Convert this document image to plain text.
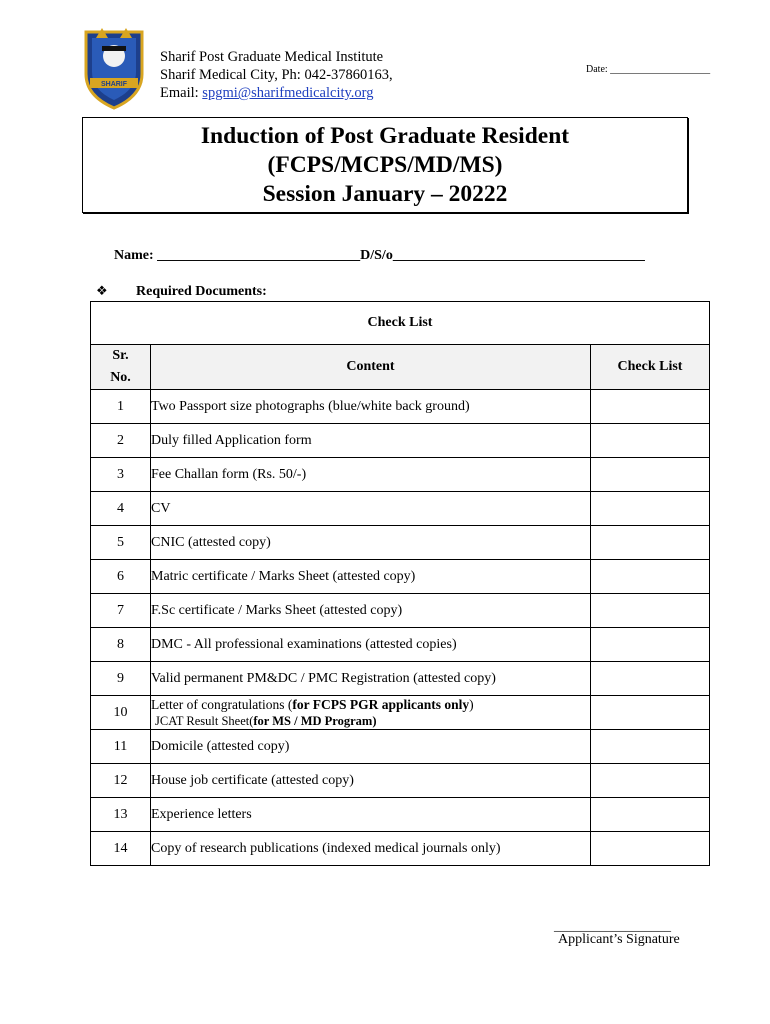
SHARIF
Sharif Post Graduate Medical Institute
Sharif Medical City, Ph: 042-37860163,
Email: spgmi@sharifmedicalcity.org
Date: ____________________
Induction of Post Graduate Resident
(FCPS/MCPS/MD/MS)
Session January – 20222
Name: _____________________________D/S/o____________________________________
❖ Required Documents:
Check List		

Sr.
No.	Content	Check List
1	Two Passport size photographs (blue/white back ground)	
2	Duly filled Application form	
3	Fee Challan form (Rs. 50/-)	
4	CV	
5	CNIC (attested copy)	
6	Matric certificate / Marks Sheet (attested copy)	
7	F.Sc certificate / Marks Sheet (attested copy)	
8	DMC - All professional examinations (attested copies)	
9	Valid permanent PM&DC / PMC Registration (attested copy)	
10	Letter of congratulations (for FCPS PGR applicants only)
JCAT Result Sheet(for MS / MD Program)	

11	Domicile (attested copy)	
12	House job certificate (attested copy)	
13	Experience letters	
14	Copy of research publications (indexed medical journals only)	
__________________
Applicant’s Signature
